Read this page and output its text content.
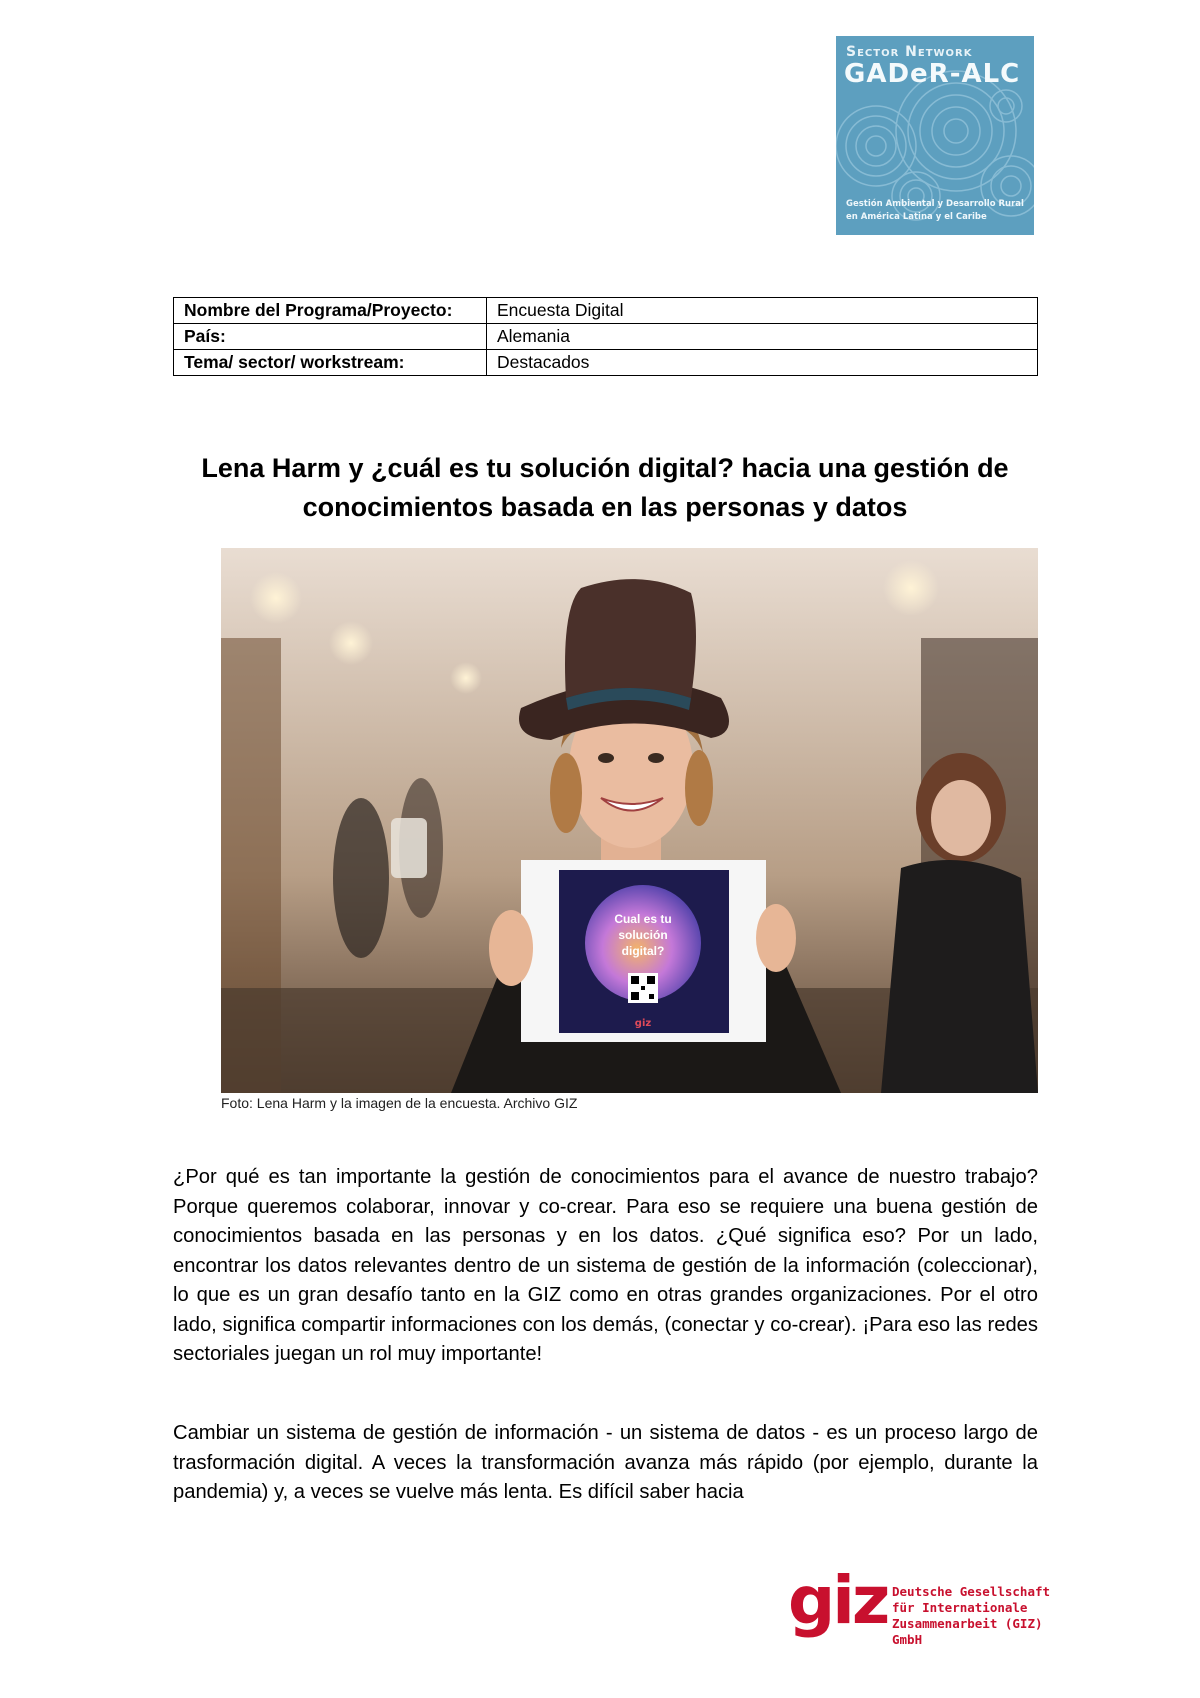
Sector Network
GADeR-ALC
Gestión Ambiental y Desarrollo Rural en América Latina y el Caribe
Nombre del Programa/Proyecto:	Encuesta Digital
País:	Alemania
Tema/ sector/ workstream:	Destacados
Lena Harm y ¿cuál es tu solución digital? hacia una gestión de conocimientos basada en las personas y datos
Cual es tu
solución
digital?
giz
Foto: Lena Harm y la imagen de la encuesta. Archivo GIZ

¿Por qué es tan importante la gestión de conocimientos para el avance de nuestro trabajo? Porque queremos colaborar, innovar y co-crear. Para eso se requiere una buena gestión de conocimientos basada en las personas y en los datos. ¿Qué significa eso? Por un lado, encontrar los datos relevantes dentro de un sistema de gestión de la información (coleccionar), lo que es un gran desafío tanto en la GIZ como en otras grandes organizaciones. Por el otro lado, significa compartir informaciones con los demás, (conectar y co-crear). ¡Para eso las redes sectoriales juegan un rol muy importante!

Cambiar un sistema de gestión de información - un sistema de datos - es un proceso largo de trasformación digital. A veces la transformación avanza más rápido (por ejemplo, durante la pandemia) y, a veces se vuelve más lenta. Es difícil saber hacia

giz Deutsche Gesellschaft
für Internationale
Zusammenarbeit (GIZ) GmbH
